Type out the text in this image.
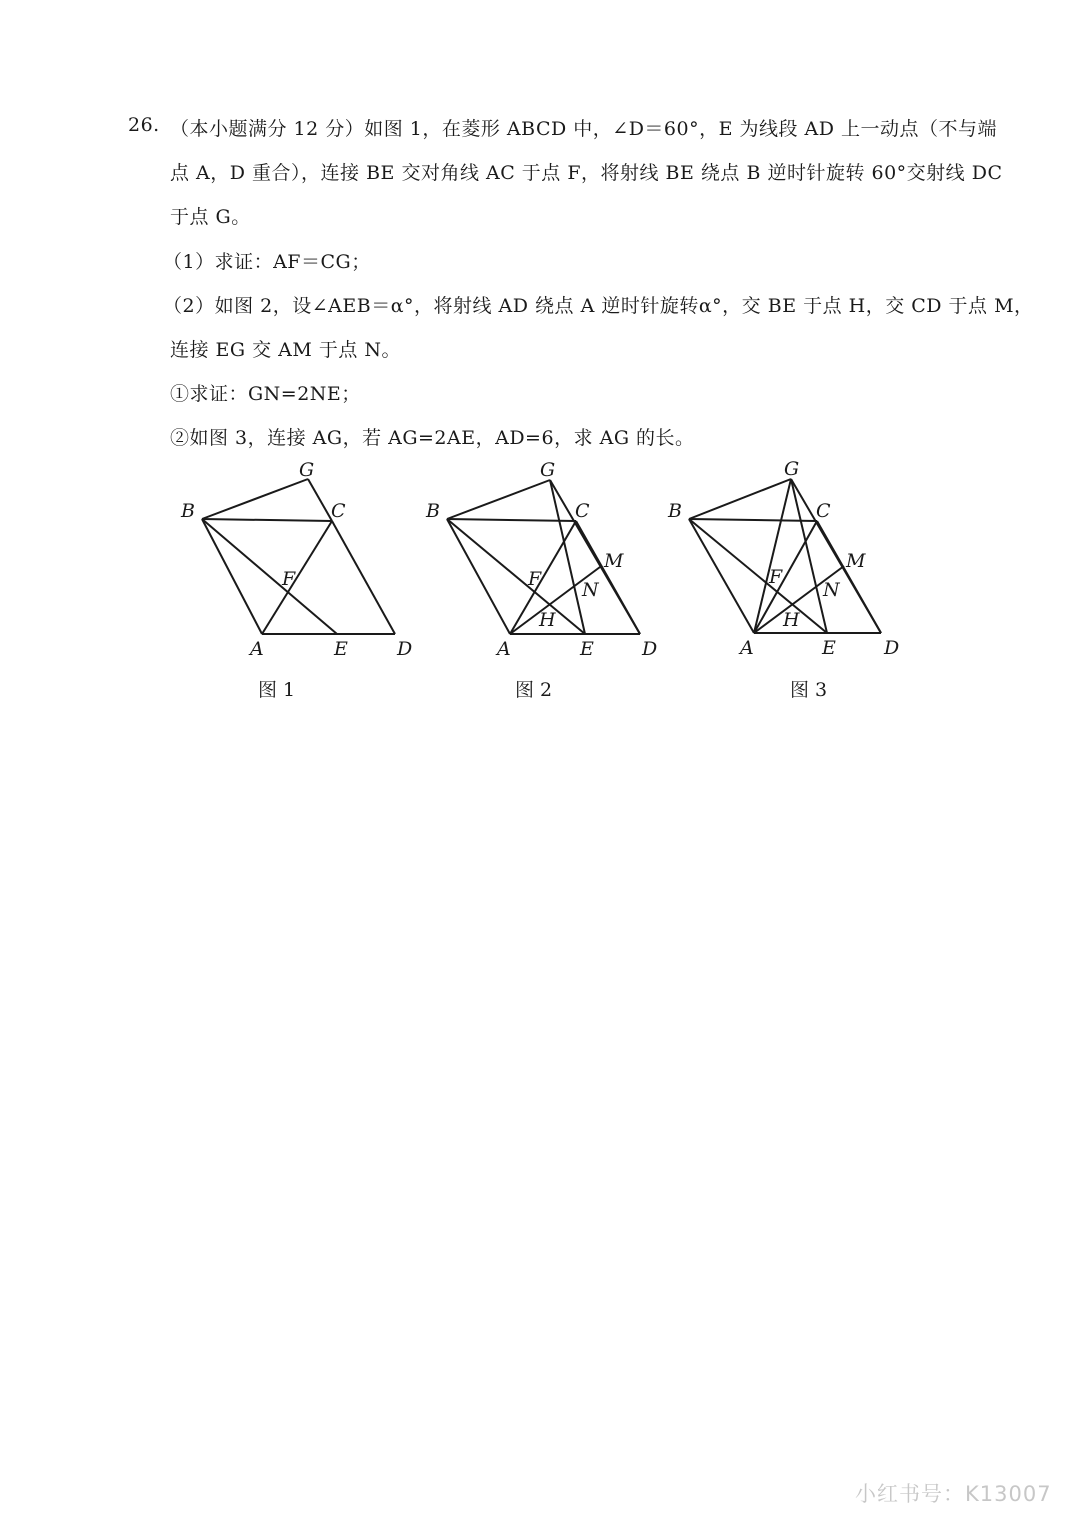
26. （本小题满分 12 分）如图 1，在菱形 ABCD 中，∠D＝60°，E 为线段 AD 上一动点（不与端
点 A，D 重合），连接 BE 交对角线 AC 于点 F，将射线 BE 绕点 B 逆时针旋转 60°交射线 DC
于点 G。
（1）求证：AF＝CG；
（2）如图 2，设∠AEB＝α°，将射线 AD 绕点 A 逆时针旋转α°，交 BE 于点 H，交 CD 于点 M，
连接 EG 交 AM 于点 N。
①求证：GN=2NE；
②如图 3，连接 AG，若 AG=2AE，AD=6，求 AG 的长。
G
B	C
F
A	E	D
图 1
G
B	C
M
F N
H
A	E	D
图 2
G
B	C
M
F
N
H
A	E	D
图 3
小红书号：K13007
